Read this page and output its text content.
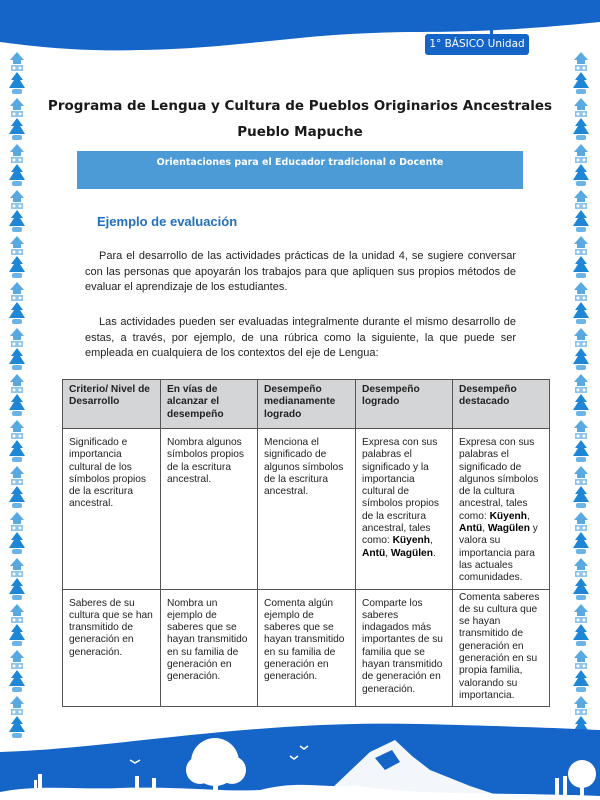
1° BÁSICO Unidad 4
Programa de Lengua y Cultura de Pueblos Originarios Ancestrales
Pueblo Mapuche
Orientaciones para el Educador tradicional o Docente
Ejemplo de evaluación

Para el desarrollo de las actividades prácticas de la unidad 4, se sugiere conversar con las personas que apoyarán los trabajos para que apliquen sus propios métodos de evaluar el aprendizaje de los estudiantes.

Las actividades pueden ser evaluadas integralmente durante el mismo desarrollo de estas, a través, por ejemplo, de una rúbrica como la siguiente, la que puede ser empleada en cualquiera de los contextos del eje de Lengua:

Criterio/ Nivel de Desarrollo	En vías de alcanzar el desempeño	Desempeño medianamente logrado	Desempeño logrado	Desempeño destacado
Significado e importancia cultural de los símbolos propios de la escritura ancestral.	Nombra algunos símbolos propios de la escritura ancestral.	Menciona el significado de algunos símbolos de la escritura ancestral.	Expresa con sus palabras el significado y la importancia cultural de símbolos propios de la escritura ancestral, tales como: Küyenh, Antü, Wagülen.	Expresa con sus palabras el significado de algunos símbolos de la cultura ancestral, tales como: Küyenh, Antü, Wagülen y valora su importancia para las actuales comunidades.
Saberes de su cultura que se han transmitido de generación en generación.	Nombra un ejemplo de saberes que se hayan transmitido en su familia de generación en generación.	Comenta algún ejemplo de saberes que se hayan transmitido en su familia de generación en generación.	Comparte los saberes indagados más importantes de su familia que se hayan transmitido de generación en generación.	Comenta saberes de su cultura que se hayan transmitido de generación en generación en su propia familia, valorando su importancia.
